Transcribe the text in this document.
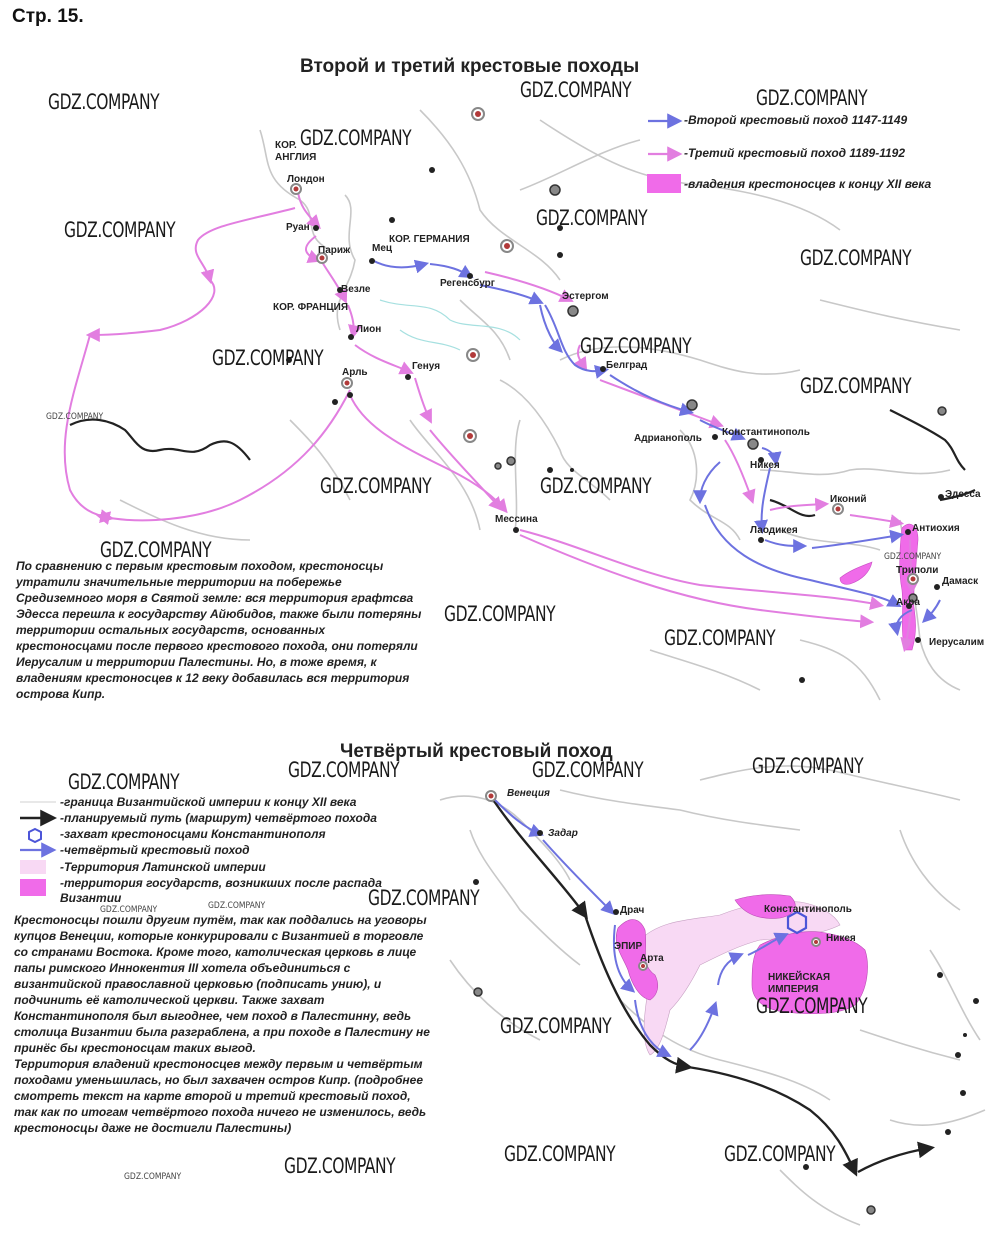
Стр. 15.
Второй и третий крестовые походы
-Второй крестовый поход 1147-1149
-Третий крестовый поход 1189-1192
-владения крестоносцев к концу XII века
КОР.
АНГЛИЯ
КОР. ГЕРМАНИЯ
КОР. ФРАНЦИЯ
Лондон
Руан
Париж Мец
Везле
Регенсбург
Эстергом
Лион
Арль
Генуя	Белград
Константинополь
Адрианополь
Никея
Иконий	Эдесса
Лаодикея	Антиохия
Триполи
Дамаск
Акра
Иерусалим
Мессина
По сравнению с первым крестовым походом, крестоносцы утратили значительные территории на побережье Средиземного моря в Святой земле: вся территория графтсва Эдесса перешла к государству Айюбидов, также были потеряны территории остальных государств, основанных крестоносцами после первого крестового похода, они потеряли Иерусалим и территории Палестины. Но, в тоже время, к владениям крестоносцев к 12 веку добавилась вся территория острова Кипр.
Четвёртый крестовый поход
-граница Византийской империи к концу XII века
-планируемый путь (маршрут) четвёртого похода
-захват крестоносцами Константинополя
-четвёртый крестовый поход
-Территория Латинской империи
-территория государств, возникших после распада
Византии
Венеция
Задар
Драч
ЭПИР
Арта
Константинополь
Никея
НИКЕЙСКАЯ
ИМПЕРИЯ

Крестоносцы пошли другим путём, так как поддались на уговоры купцов Венеции, которые конкурировали с Византией в торговле со странами Востока. Кроме того, католическая церковь в лице папы римского Иннокентия III хотела объединиться с византийской православной церковью (подписать унию), и подчинить её католической церкви. Также захват Константинополя был выгоднее, чем поход в Палестинну, ведь столица Византии была разграблена, а при походе в Палестину не принёс бы крестоносцам таких выгод.

Территория владений крестоносцев между первым и четвёртым походами уменьшилась, но был захвачен остров Кипр. (подробнее смотреть текст на карте второй и третий крестовый поход, так как по итогам четвёртого похода ничего не изменилось, ведь крестоносцы даже не достигли Палестины)

GDZ.COMPANY	GDZ.COMPANY	GDZ.COMPANY
GDZ.COMPANY
GDZ.COMPANY	GDZ.COMPANY
GDZ.COMPANY
GDZ.COMPANY
GDZ.COMPANY
GDZ.COMPANY
GDZ.COMPANY	GDZ.COMPANY
GDZ.COMPANY
GDZ.COMPANY
GDZ.COMPANY
GDZ.COMPANY	GDZ.COMPANY	GDZ.COMPANY	GDZ.COMPANY
GDZ.COMPANY
GDZ.COMPANY
GDZ.COMPANY
GDZ.COMPANY	GDZ.COMPANY
GDZ.COMPANY
GDZ.COMPANY
GDZ.COMPANY
GDZ.COMPANY	GDZ.COMPANY
GDZ.COMPANY
